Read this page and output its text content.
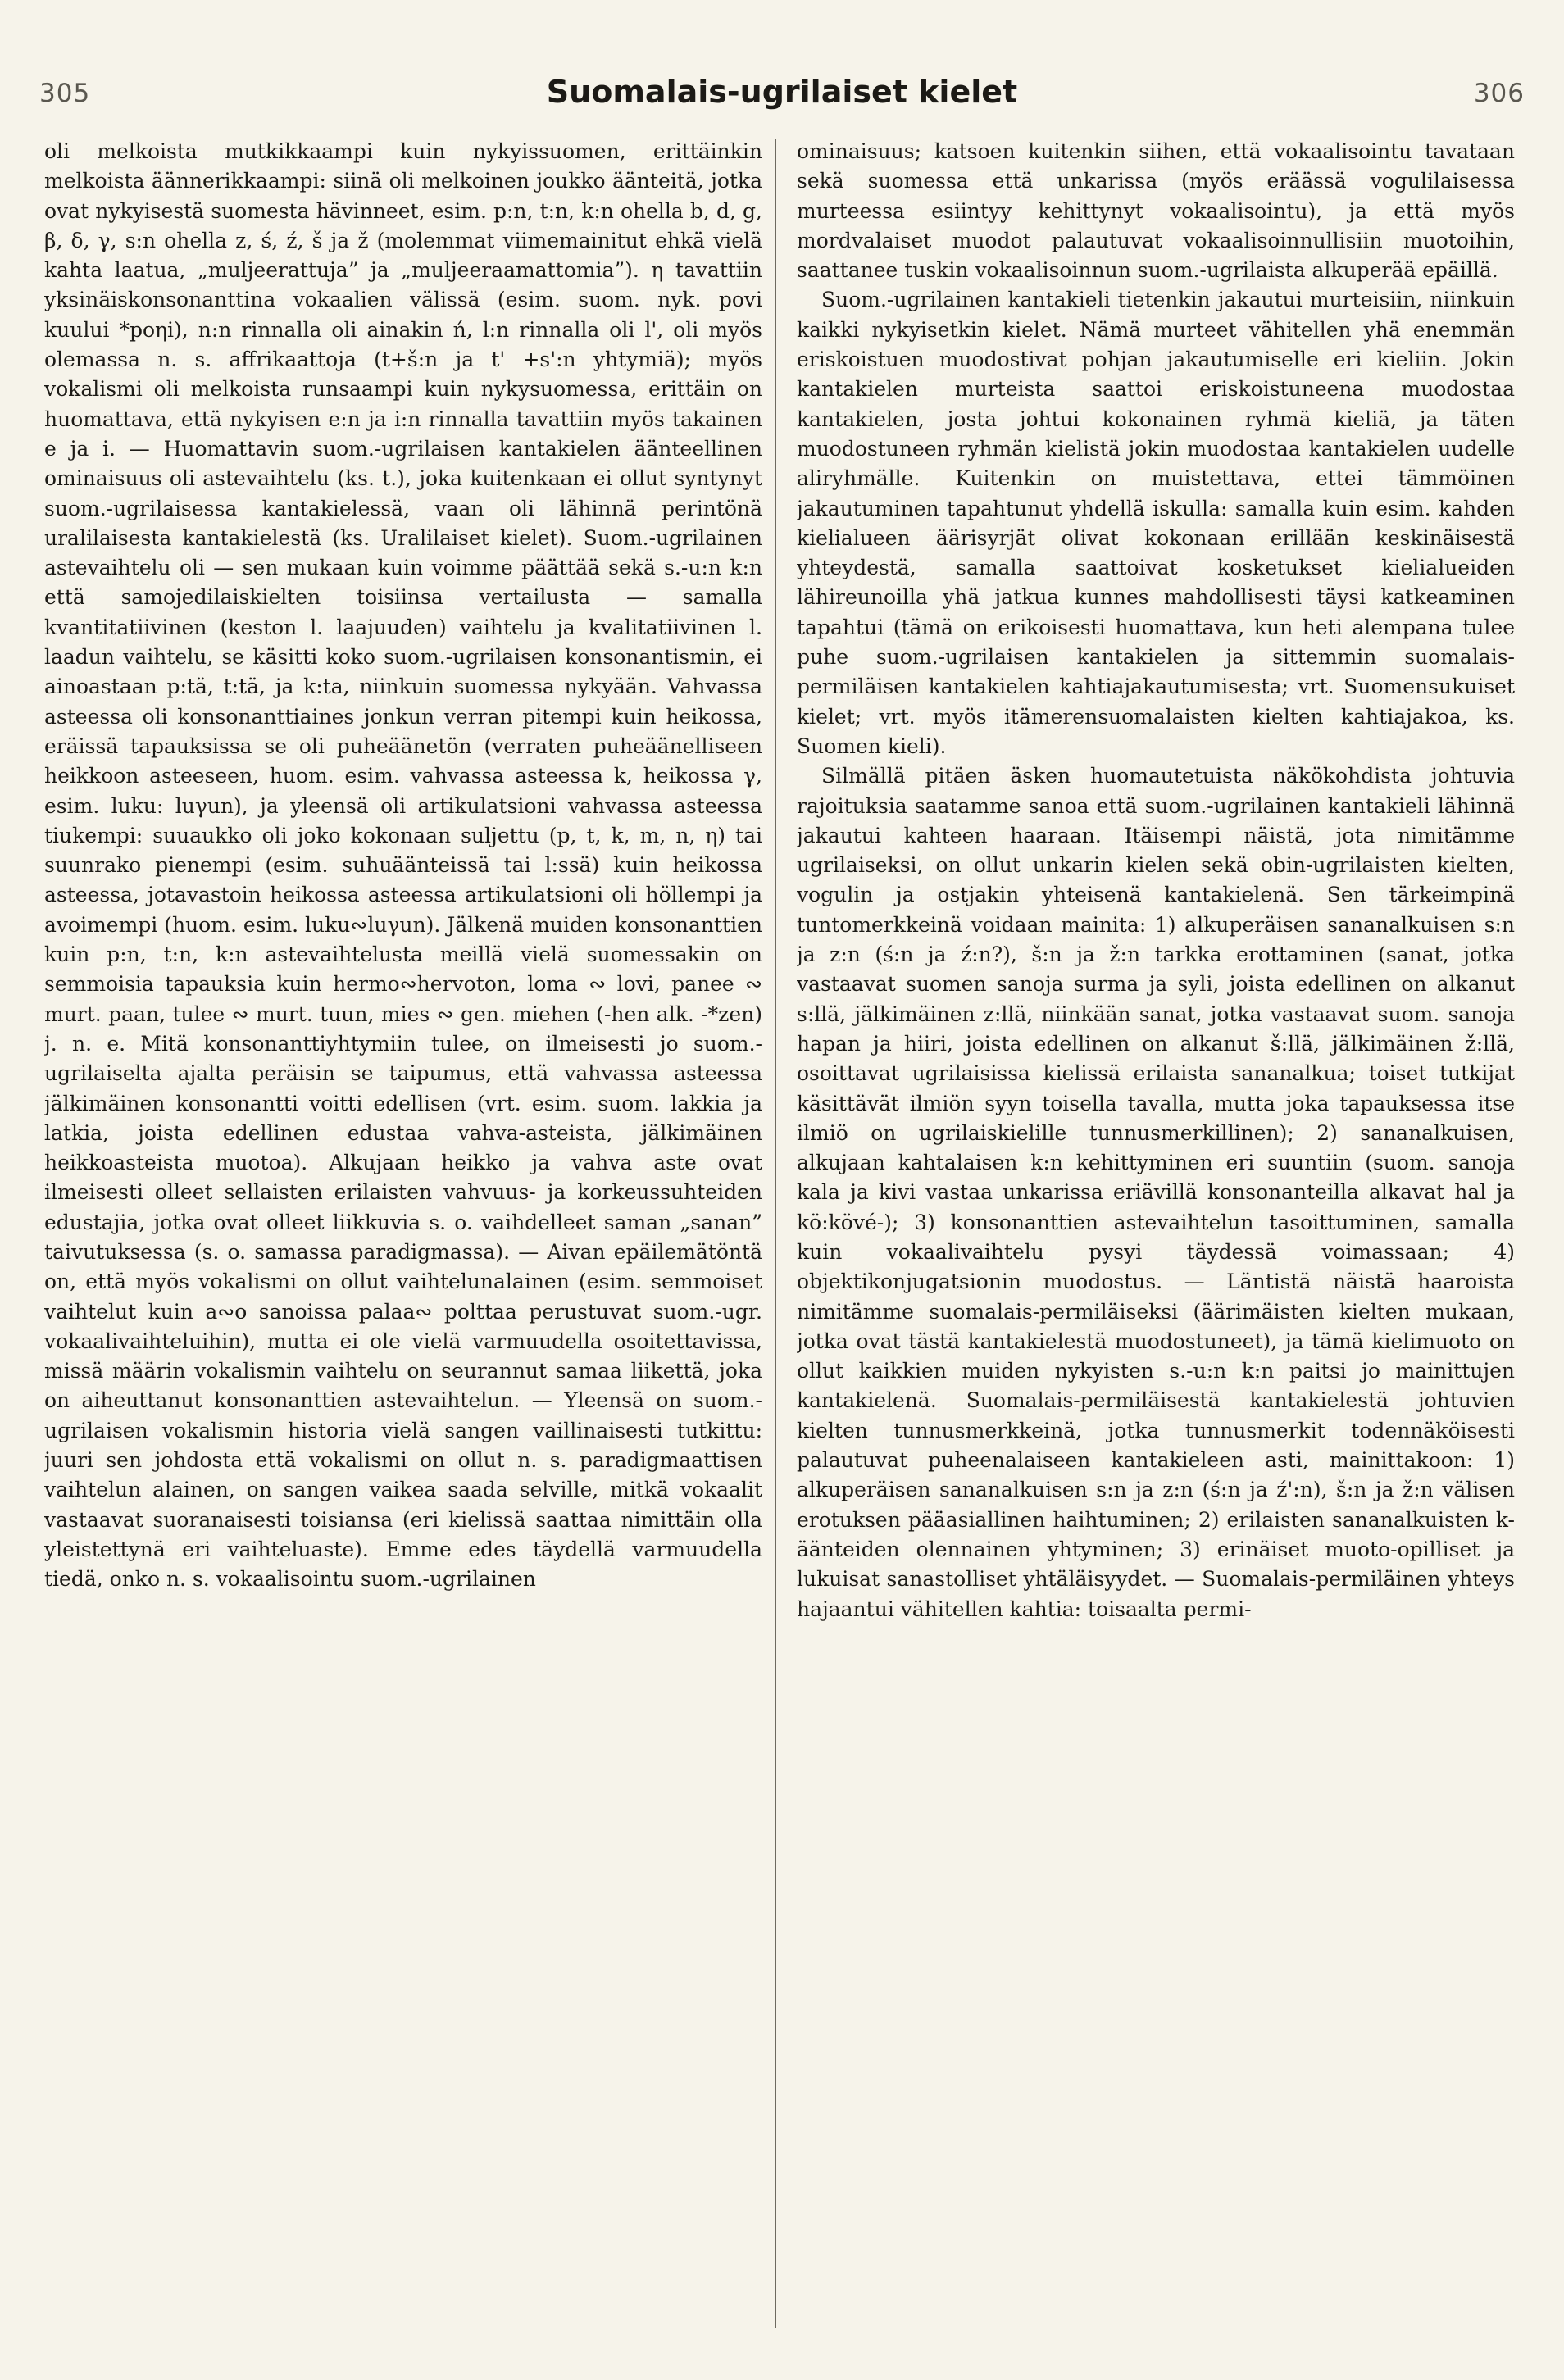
305	Suomalais-ugrilaiset kielet	306

oli melkoista mutkikkaampi kuin nykyissuomen, erittäinkin melkoista äännerikkaampi: siinä oli melkoinen joukko äänteitä, jotka ovat nykyisestä suomesta hävinneet, esim. p:n, t:n, k:n ohella b, d, g, β, δ, γ, s:n ohella z, ś, ź, š ja ž (molemmat viimemainitut ehkä vielä kahta laatua, „muljeerattuja” ja „muljeeraamattomia”). η tavattiin yksinäiskonsonanttina vokaalien välissä (esim. suom. nyk. povi kuului *poηi), n:n rinnalla oli ainakin ń, l:n rinnalla oli l', oli myös olemassa n. s. affrikaattoja (t+š:n ja t' +s':n yhtymiä); myös vokalismi oli melkoista runsaampi kuin nykysuomessa, erittäin on huomattava, että nykyisen e:n ja i:n rinnalla tavattiin myös takainen e ja i. — Huomattavin suom.-ugrilaisen kantakielen äänteellinen ominaisuus oli astevaihtelu (ks. t.), joka kuitenkaan ei ollut syntynyt suom.-ugrilaisessa kantakielessä, vaan oli lähinnä perintönä uralilaisesta kantakielestä (ks. Uralilaiset kielet). Suom.-ugrilainen astevaihtelu oli — sen mukaan kuin voimme päättää sekä s.-u:n k:n että samojedilaiskielten toisiinsa vertailusta — samalla kvantitatiivinen (keston l. laajuuden) vaihtelu ja kvalitatiivinen l. laadun vaihtelu, se käsitti koko suom.-ugrilaisen konsonantismin, ei ainoastaan p:tä, t:tä, ja k:ta, niinkuin suomessa nykyään. Vahvassa asteessa oli konsonanttiaines jonkun verran pitempi kuin heikossa, eräissä tapauksissa se oli puheäänetön (verraten puheäänelliseen heikkoon asteeseen, huom. esim. vahvassa asteessa k, heikossa γ, esim. luku: luγun), ja yleensä oli artikulatsioni vahvassa asteessa tiukempi: suuaukko oli joko kokonaan suljettu (p, t, k, m, n, η) tai suunrako pienempi (esim. suhuäänteissä tai l:ssä) kuin heikossa asteessa, jotavastoin heikossa asteessa artikulatsioni oli höllempi ja avoimempi (huom. esim. luku∾luγun). Jälkenä muiden konsonanttien kuin p:n, t:n, k:n astevaihtelusta meillä vielä suomessakin on semmoisia tapauksia kuin hermo∾hervoton, loma ∾ lovi, panee ∾ murt. paan, tulee ∾ murt. tuun, mies ∾ gen. miehen (-hen alk. -*zen) j. n. e. Mitä konsonanttiyhtymiin tulee, on ilmeisesti jo suom.-ugrilaiselta ajalta peräisin se taipumus, että vahvassa asteessa jälkimäinen konsonantti voitti edellisen (vrt. esim. suom. lakkia ja latkia, joista edellinen edustaa vahva-asteista, jälkimäinen heikkoasteista muotoa). Alkujaan heikko ja vahva aste ovat ilmeisesti olleet sellaisten erilaisten vahvuus- ja korkeussuhteiden edustajia, jotka ovat olleet liikkuvia s. o. vaihdelleet saman „sanan” taivutuksessa (s. o. samassa paradigmassa). — Aivan epäilemätöntä on, että myös vokalismi on ollut vaihtelunalainen (esim. semmoiset vaihtelut kuin a∾o sanoissa palaa∾ polttaa perustuvat suom.-ugr. vokaalivaihteluihin), mutta ei ole vielä varmuudella osoitettavissa, missä määrin vokalismin vaihtelu on seurannut samaa liikettä, joka on aiheuttanut konsonanttien astevaihtelun. — Yleensä on suom.-ugrilaisen vokalismin historia vielä sangen vaillinaisesti tutkittu: juuri sen johdosta että vokalismi on ollut n. s. paradigmaattisen vaihtelun alainen, on sangen vaikea saada selville, mitkä vokaalit vastaavat suoranaisesti toisiansa (eri kielissä saattaa nimittäin olla yleistettynä eri vaihteluaste). Emme edes täydellä varmuudella tiedä, onko n. s. vokaalisointu suom.-ugrilainen

ominaisuus; katsoen kuitenkin siihen, että vokaalisointu tavataan sekä suomessa että unkarissa (myös eräässä vogulilaisessa murteessa esiintyy kehittynyt vokaalisointu), ja että myös mordvalaiset muodot palautuvat vokaalisoinnullisiin muotoihin, saattanee tuskin vokaalisoinnun suom.-ugrilaista alkuperää epäillä.

Suom.-ugrilainen kantakieli tietenkin jakautui murteisiin, niinkuin kaikki nykyisetkin kielet. Nämä murteet vähitellen yhä enemmän eriskoistuen muodostivat pohjan jakautumiselle eri kieliin. Jokin kantakielen murteista saattoi eriskoistuneena muodostaa kantakielen, josta johtui kokonainen ryhmä kieliä, ja täten muodostuneen ryhmän kielistä jokin muodostaa kantakielen uudelle aliryhmälle. Kuitenkin on muistettava, ettei tämmöinen jakautuminen tapahtunut yhdellä iskulla: samalla kuin esim. kahden kielialueen äärisyrjät olivat kokonaan erillään keskinäisestä yhteydestä, samalla saattoivat kosketukset kielialueiden lähireunoilla yhä jatkua kunnes mahdollisesti täysi katkeaminen tapahtui (tämä on erikoisesti huomattava, kun heti alempana tulee puhe suom.-ugrilaisen kantakielen ja sittemmin suomalais-permiläisen kantakielen kahtiajakautumisesta; vrt. Suomensukuiset kielet; vrt. myös itämerensuomalaisten kielten kahtiajakoa, ks. Suomen kieli).

Silmällä pitäen äsken huomautetuista näkökohdista johtuvia rajoituksia saatamme sanoa että suom.-ugrilainen kantakieli lähinnä jakautui kahteen haaraan. Itäisempi näistä, jota nimitämme ugrilaiseksi, on ollut unkarin kielen sekä obin-ugrilaisten kielten, vogulin ja ostjakin yhteisenä kantakielenä. Sen tärkeimpinä tuntomerkkeinä voidaan mainita: 1) alkuperäisen sananalkuisen s:n ja z:n (ś:n ja ź:n?), š:n ja ž:n tarkka erottaminen (sanat, jotka vastaavat suomen sanoja surma ja syli, joista edellinen on alkanut s:llä, jälkimäinen z:llä, niinkään sanat, jotka vastaavat suom. sanoja hapan ja hiiri, joista edellinen on alkanut š:llä, jälkimäinen ž:llä, osoittavat ugrilaisissa kielissä erilaista sananalkua; toiset tutkijat käsittävät ilmiön syyn toisella tavalla, mutta joka tapauksessa itse ilmiö on ugrilaiskielille tunnusmerkillinen); 2) sananalkuisen, alkujaan kahtalaisen k:n kehittyminen eri suuntiin (suom. sanoja kala ja kivi vastaa unkarissa eriävillä konsonanteilla alkavat hal ja kö:kövé-); 3) konsonanttien astevaihtelun tasoittuminen, samalla kuin vokaalivaihtelu pysyi täydessä voimassaan; 4) objektikonjugatsionin muodostus. — Läntistä näistä haaroista nimitämme suomalais-permiläiseksi (äärimäisten kielten mukaan, jotka ovat tästä kantakielestä muodostuneet), ja tämä kielimuoto on ollut kaikkien muiden nykyisten s.-u:n k:n paitsi jo mainittujen kantakielenä. Suomalais-permiläisestä kantakielestä johtuvien kielten tunnusmerkkeinä, jotka tunnusmerkit todennäköisesti palautuvat puheenalaiseen kantakieleen asti, mainittakoon: 1) alkuperäisen sananalkuisen s:n ja z:n (ś:n ja ź':n), š:n ja ž:n välisen erotuksen pääasiallinen haihtuminen; 2) erilaisten sananalkuisten k-äänteiden olennainen yhtyminen; 3) erinäiset muoto-opilliset ja lukuisat sanastolliset yhtäläisyydet. — Suomalais-permiläinen yhteys hajaantui vähitellen kahtia: toisaalta permi-
